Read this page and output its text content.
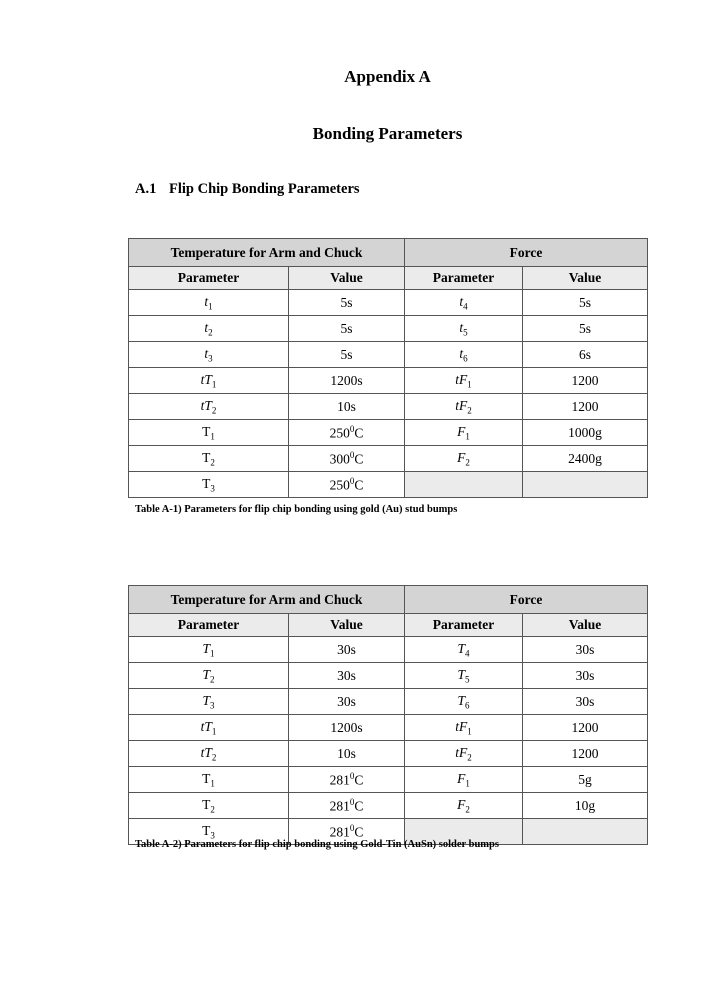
Appendix A
Bonding Parameters
A.1 Flip Chip Bonding Parameters
Temperature for Arm and Chuck		Force	
Parameter	Value	Parameter	Value
$t_1$	5s	$t_4$	5s
$t_2$	5s	$t_5$	5s
$t_3$	5s	$t_6$	6s
$tT_1$	1200s	$tF_1$	1200
$tT_2$	10s	$tF_2$	1200
$T_1$	$250^0C$	$F_1$	1000g
$T_2$	$300^0C$	$F_2$	2400g
$T_3$	$250^0C$		
Table A-1) Parameters for flip chip bonding using gold (Au) stud bumps
Temperature for Arm and Chuck		Force	
Parameter	Value	Parameter	Value
$T_1$	30s	$T_4$	30s
$T_2$	30s	$T_5$	30s
$T_3$	30s	$T_6$	30s
$tT_1$	1200s	$tF_1$	1200
$tT_2$	10s	$tF_2$	1200
$T_1$	$281^0C$	$F_1$	5g
$T_2$	$281^0C$	$F_2$	10g
$T_3$	$281^0C$		
Table A-2) Parameters for flip chip bonding using Gold-Tin (AuSn) solder bumps
